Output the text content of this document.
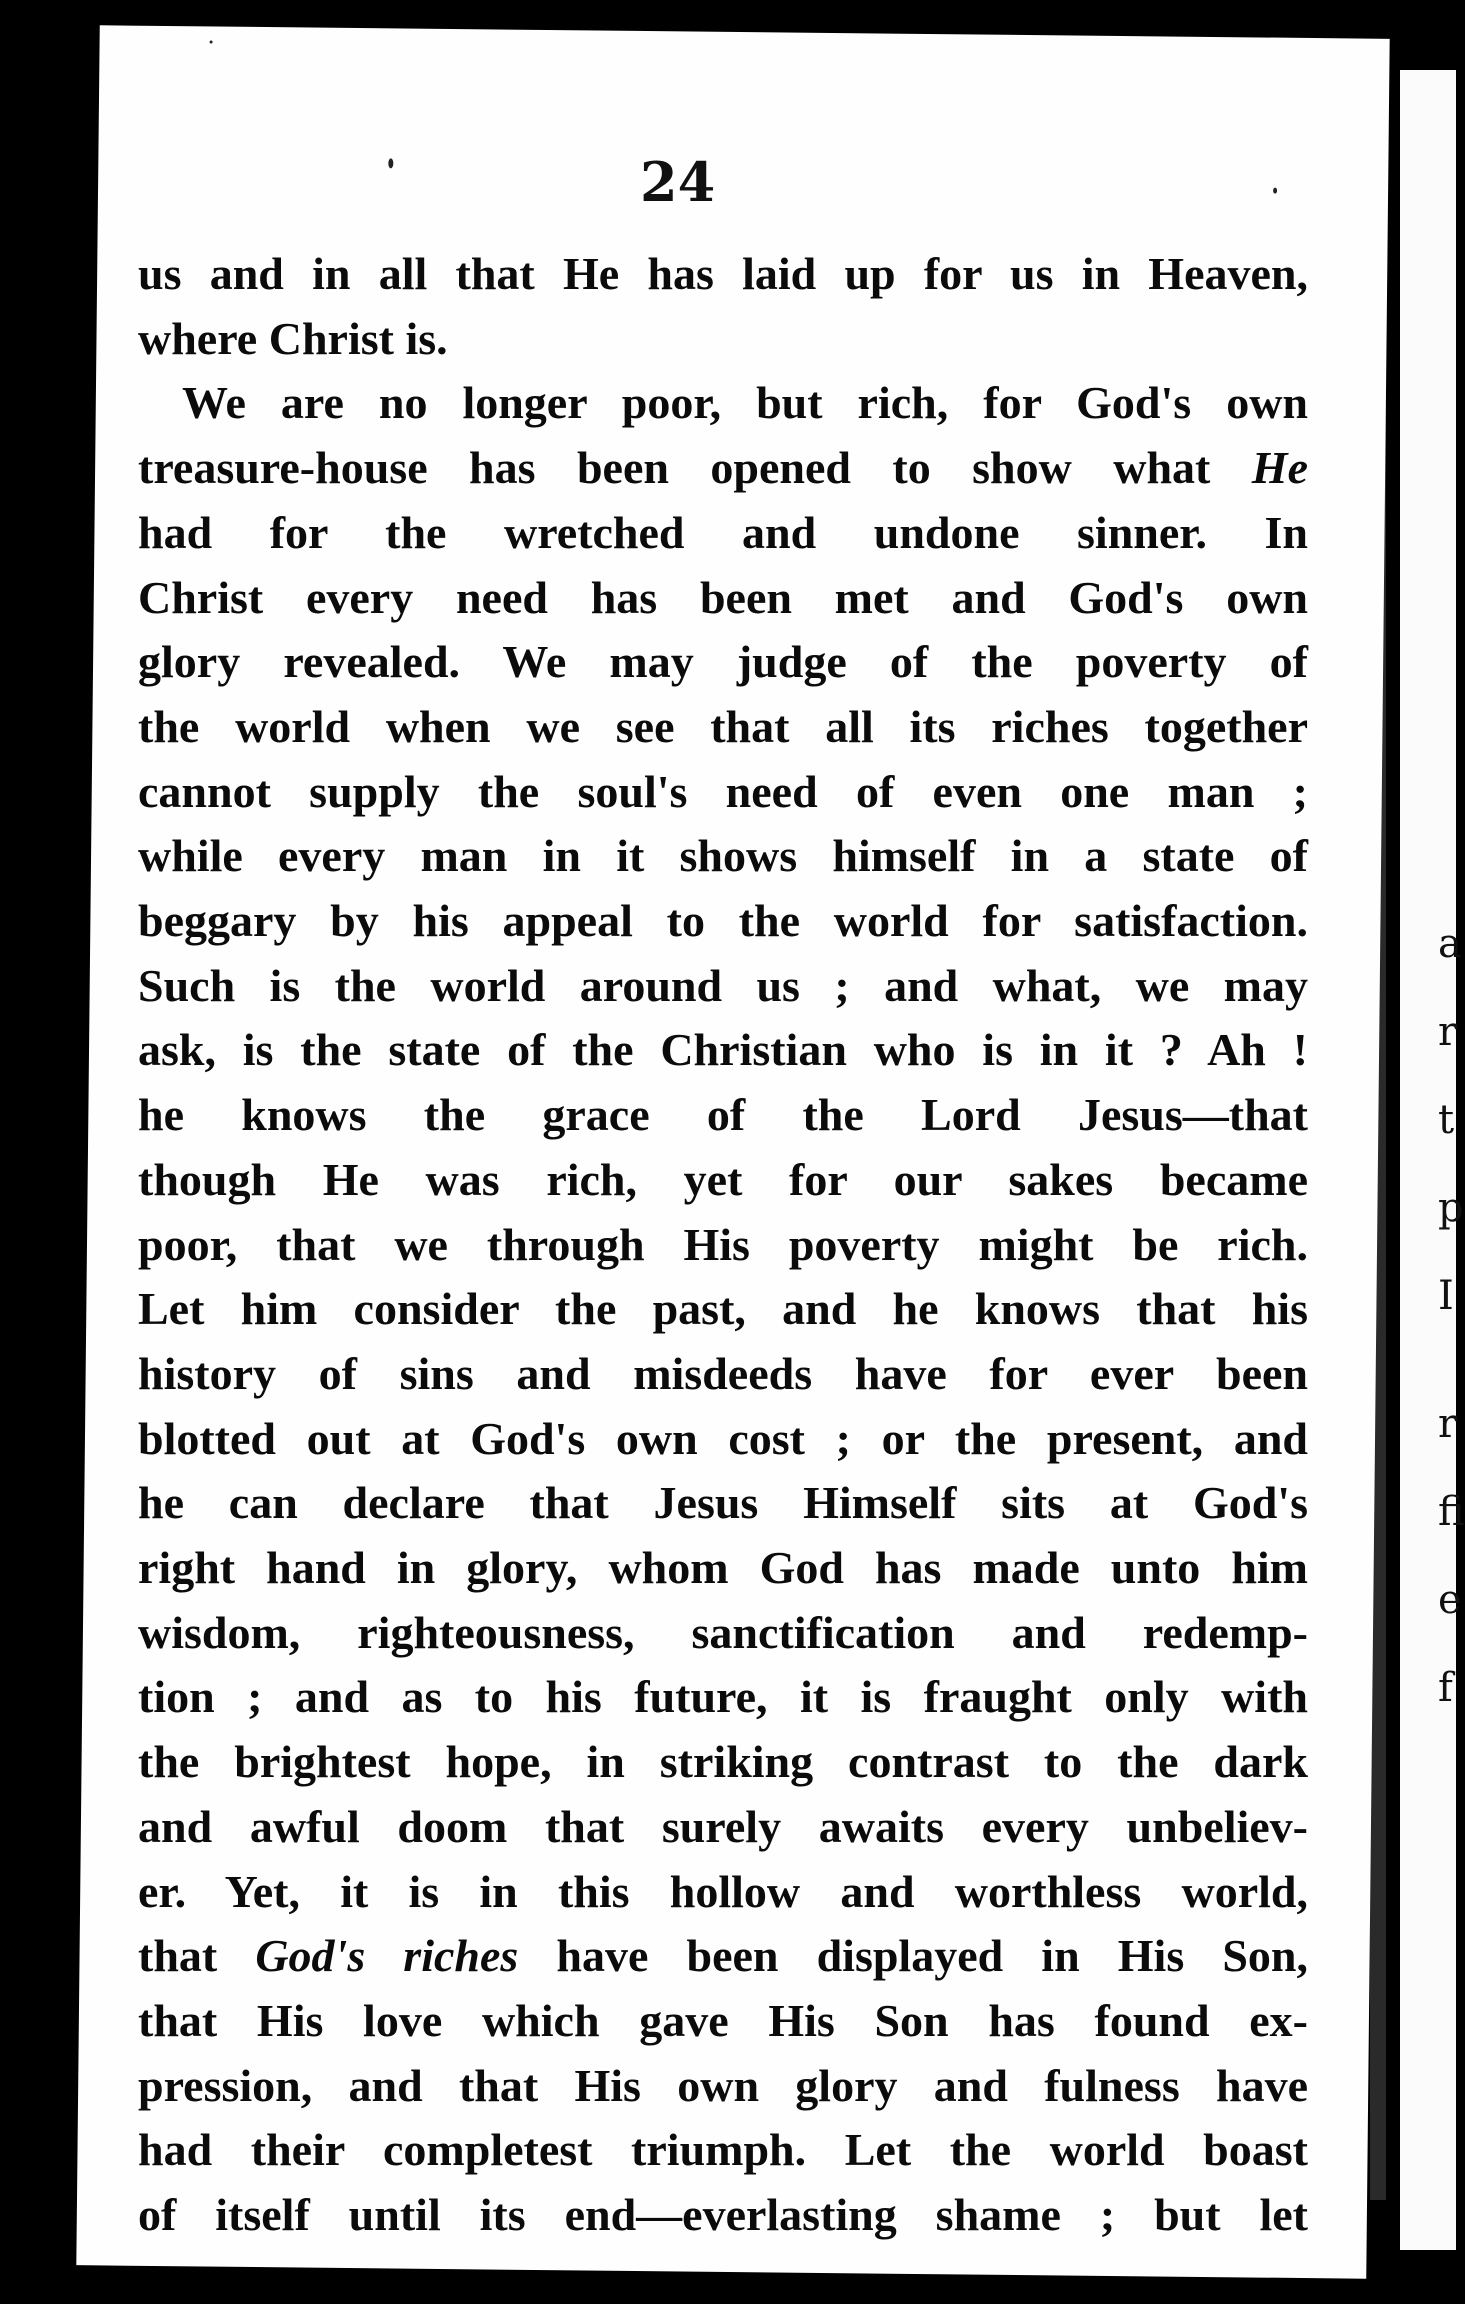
a
r
t
p
I
r
fi
e
f
24
us and in all that He has laid up for us in Heaven,
where Christ is.
We are no longer poor, but rich, for God's own
treasure-house has been opened to show what He
had for the wretched and undone sinner. In
Christ every need has been met and God's own
glory revealed. We may judge of the poverty of
the world when we see that all its riches together
cannot supply the soul's need of even one man ;
while every man in it shows himself in a state of
beggary by his appeal to the world for satisfaction.
Such is the world around us ; and what, we may
ask, is the state of the Christian who is in it ? Ah !
he knows the grace of the Lord Jesus—that
though He was rich, yet for our sakes became
poor, that we through His poverty might be rich.
Let him consider the past, and he knows that his
history of sins and misdeeds have for ever been
blotted out at God's own cost ; or the present, and
he can declare that Jesus Himself sits at God's
right hand in glory, whom God has made unto him
wisdom, righteousness, sanctification and redemp-
tion ; and as to his future, it is fraught only with
the brightest hope, in striking contrast to the dark
and awful doom that surely awaits every unbeliev-
er. Yet, it is in this hollow and worthless world,
that God's riches have been displayed in His Son,
that His love which gave His Son has found ex-
pression, and that His own glory and fulness have
had their completest triumph. Let the world boast
of itself until its end—everlasting shame ; but let
